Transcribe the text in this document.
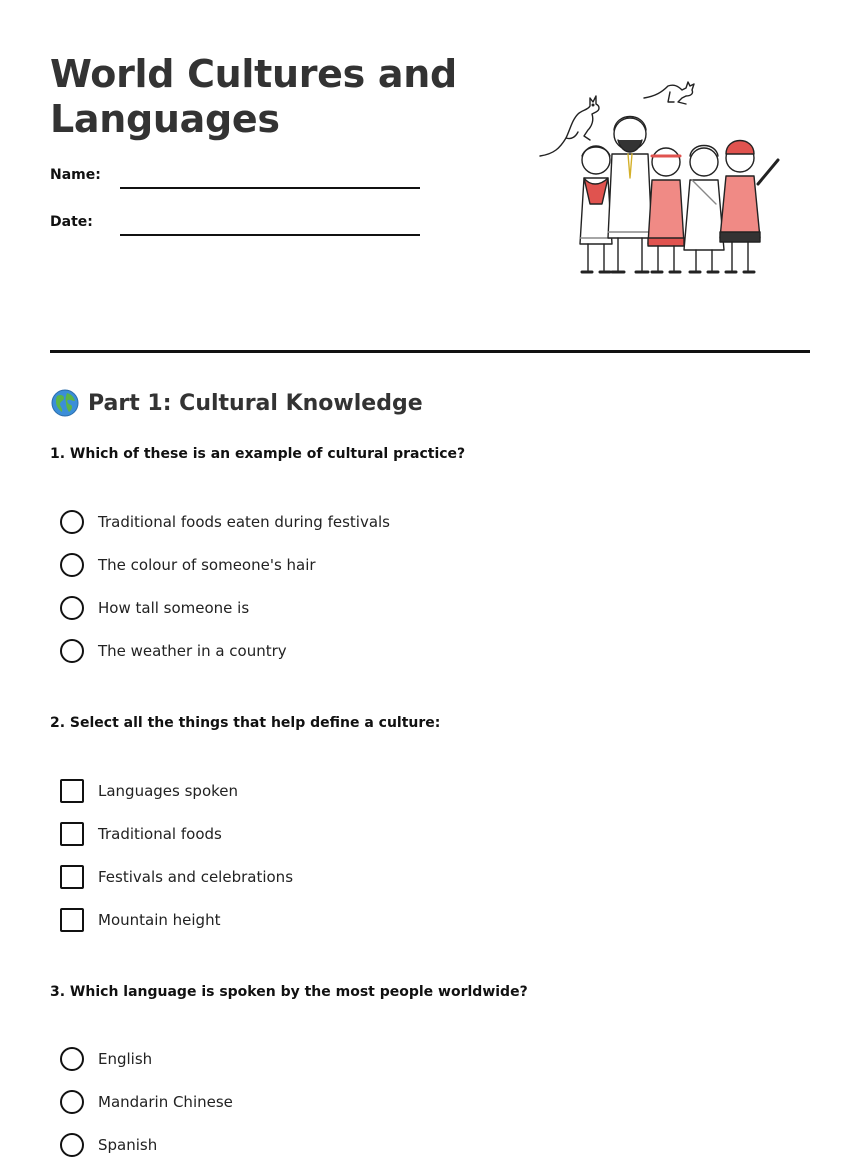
World Cultures and
Languages
Name:
Date:
Part 1: Cultural Knowledge
1. Which of these is an example of cultural practice?
Traditional foods eaten during festivals
The colour of someone's hair
How tall someone is
The weather in a country
2. Select all the things that help define a culture:
Languages spoken
Traditional foods
Festivals and celebrations
Mountain height
3. Which language is spoken by the most people worldwide?
English
Mandarin Chinese
Spanish
